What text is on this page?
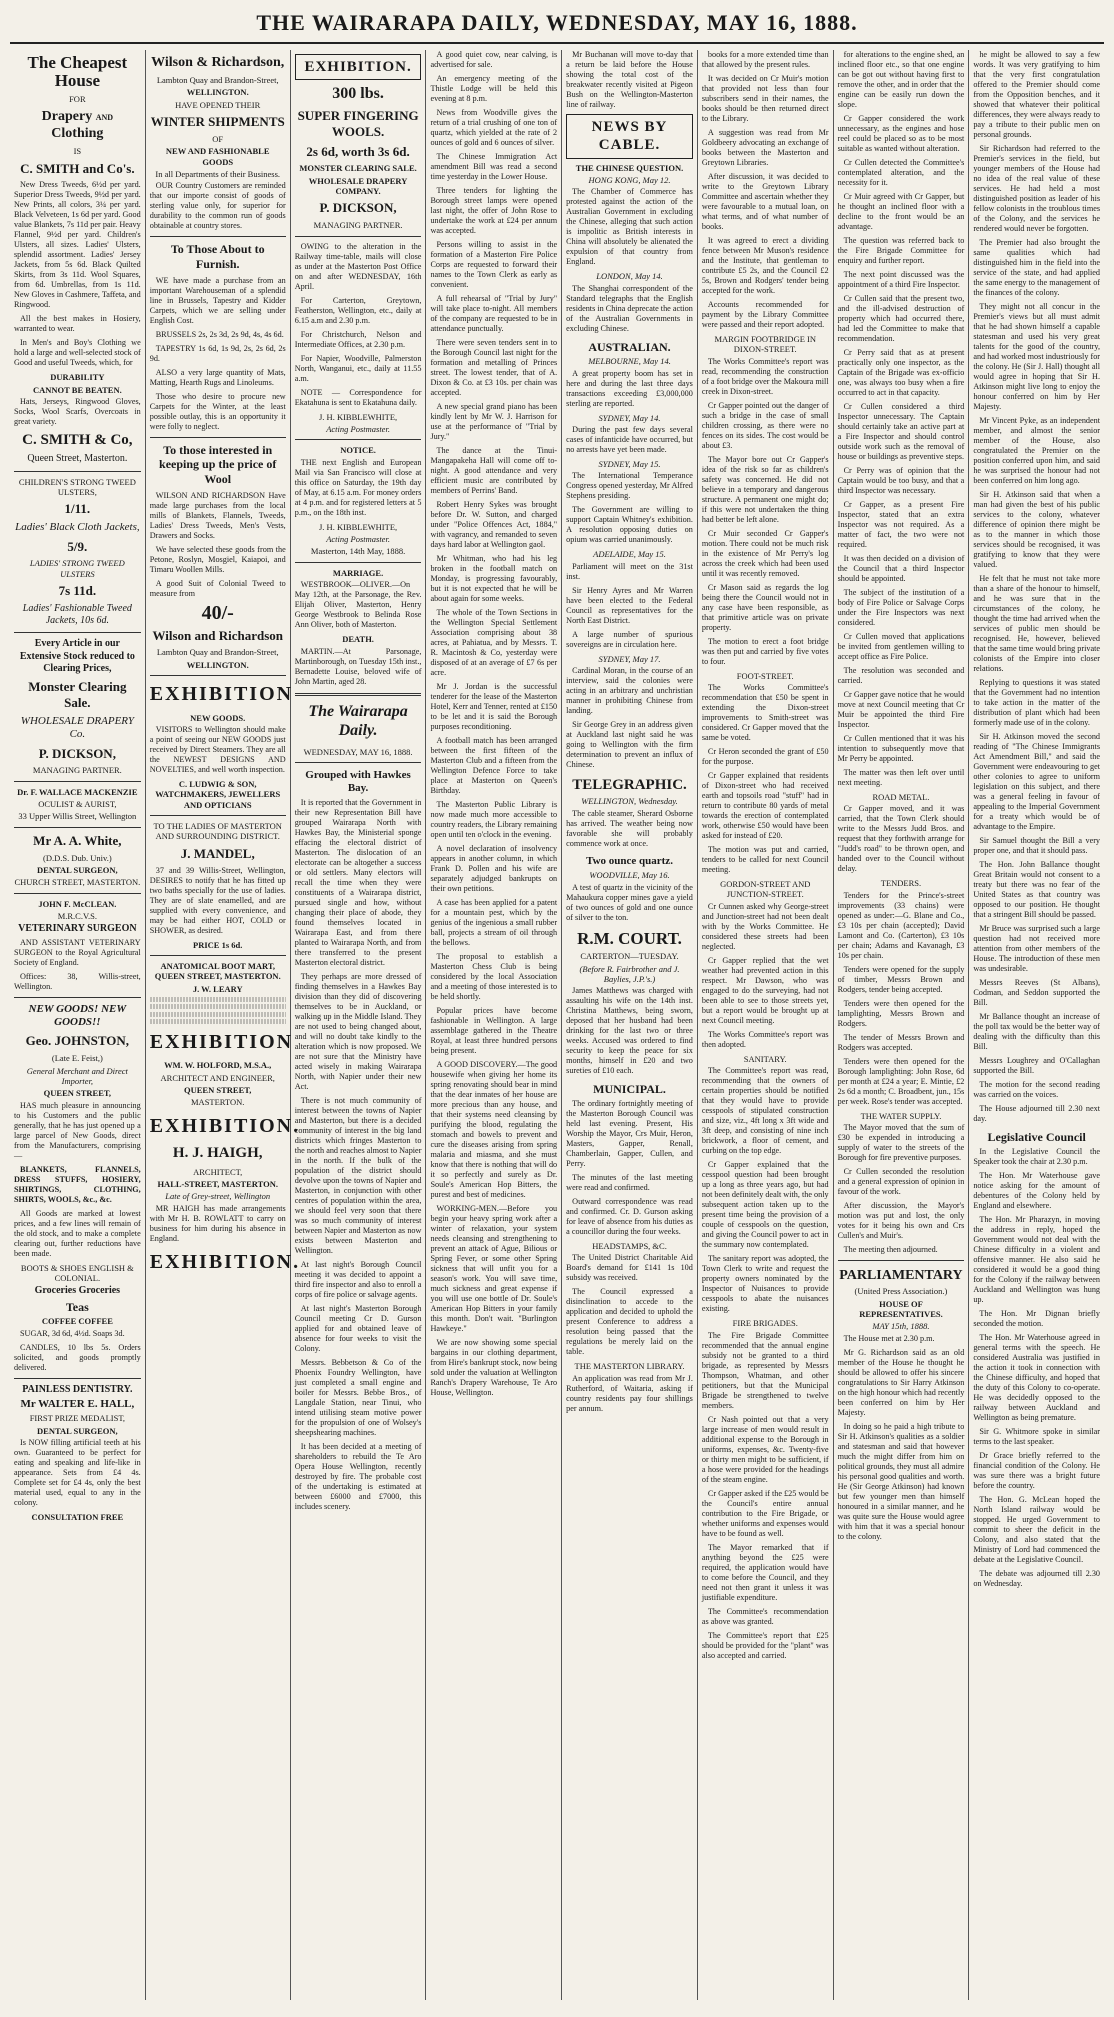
THE WAIRARAPA DAILY, WEDNESDAY, MAY 16, 1888.
The Cheapest House
FOR
Drapery AND Clothing
IS
C. SMITH and Co's.

New Dress Tweeds, 6½d per yard. Superior Dress Tweeds, 9½d per yard. New Prints, all colors, 3¼ per yard. Black Velveteen, 1s 6d per yard. Good value Blankets, 7s 11d per pair. Heavy Flannel, 9½d per yard. Children's Ulsters, all sizes. Ladies' Ulsters, splendid assortment. Ladies' Jersey Jackets, from 5s 6d. Black Quilted Skirts, from 3s 11d. Wool Squares, from 6d. Umbrellas, from 1s 11d. New Gloves in Cashmere, Taffeta, and Ringwood.

All the best makes in Hosiery, warranted to wear.

In Men's and Boy's Clothing we hold a large and well-selected stock of Good and useful Tweeds, which, for

DURABILITY
CANNOT BE BEATEN.

Hats, Jerseys, Ringwood Gloves, Socks, Wool Scarfs, Overcoats in great variety.

C. SMITH & Co,
Queen Street, Masterton.
CHILDREN'S STRONG TWEED ULSTERS,
1/11.
Ladies' Black Cloth Jackets,
5/9.
LADIES' STRONG TWEED ULSTERS
7s 11d.
Ladies' Fashionable Tweed Jackets, 10s 6d.
Every Article in our Extensive Stock reduced to Clearing Prices,
Monster Clearing Sale.
WHOLESALE DRAPERY Co.
P. DICKSON,
MANAGING PARTNER.
Dr. F. WALLACE MACKENZIE
OCULIST & AURIST,
33 Upper Willis Street, Wellington
Mr A. A. White,
(D.D.S. Dub. Univ.)
DENTAL SURGEON,
CHURCH STREET, MASTERTON.
JOHN F. McCLEAN.
M.R.C.V.S.
VETERINARY SURGEON

AND ASSISTANT VETERINARY SURGEON to the Royal Agricultural Society of England.

Offices: 38, Willis-street, Wellington.

NEW GOODS! NEW GOODS!!
Geo. JOHNSTON,
(Late E. Feist,)
General Merchant and Direct Importer,
QUEEN STREET,

HAS much pleasure in announcing to his Customers and the public generally, that he has just opened up a large parcel of New Goods, direct from the Manufacturers, comprising—

BLANKETS, FLANNELS, DRESS STUFFS, HOSIERY, SHIRTINGS, CLOTHING, SHIRTS, WOOLS, &c., &c.

All Goods are marked at lowest prices, and a few lines will remain of the old stock, and to make a complete clearing out, further reductions have been made.

BOOTS & SHOES ENGLISH & COLONIAL.
Groceries Groceries
Teas
COFFEE COFFEE

SUGAR, 3d 6d, 4½d. Soaps 3d.

CANDLES, 10 lbs 5s. Orders solicited, and goods promptly delivered.

PAINLESS DENTISTRY.
Mr WALTER E. HALL,
FIRST PRIZE MEDALIST,
DENTAL SURGEON,

Is NOW filling artificial teeth at his own. Guaranteed to be perfect for eating and speaking and life-like in appearance. Sets from £4 4s. Complete set for £4 4s, only the best material used, equal to any in the colony.

CONSULTATION FREE
Wilson & Richardson,
Lambton Quay and Brandon-Street,
WELLINGTON.
HAVE OPENED THEIR
WINTER SHIPMENTS
OF
NEW AND FASHIONABLE GOODS
In all Departments of their Business.

OUR Country Customers are reminded that our importe consist of goods of sterling value only, for superior for durability to the common run of goods obtainable at country stores.

To Those About to Furnish.

WE have made a purchase from an important Warehouseman of a splendid line in Brussels, Tapestry and Kidder Carpets, which we are selling under English Cost.

BRUSSELS 2s, 2s 3d, 2s 9d, 4s, 4s 6d.

TAPESTRY 1s 6d, 1s 9d, 2s, 2s 6d, 2s 9d.

ALSO a very large quantity of Mats, Matting, Hearth Rugs and Linoleums.

Those who desire to procure new Carpets for the Winter, at the least possible outlay, this is an opportunity it were folly to neglect.

To those interested in keeping up the price of Wool

WILSON AND RICHARDSON Have made large purchases from the local mills of Blankets, Flannels, Tweeds, Ladies' Dress Tweeds, Men's Vests, Drawers and Socks.

We have selected these goods from the Petone, Roslyn, Mosgiel, Kaiapoi, and Timaru Woollen Mills.

A good Suit of Colonial Tweed to measure from

40/-
Wilson and Richardson
Lambton Quay and Brandon-Street,
WELLINGTON.
EXHIBITION
NEW GOODS.

VISITORS to Wellington should make a point of seeing our NEW GOODS just received by Direct Steamers. They are all the NEWEST DESIGNS AND NOVELTIES, and well worth inspection.

C. LUDWIG & SON, WATCHMAKERS, JEWELLERS AND OPTICIANS
TO THE LADIES OF MASTERTON AND SURROUNDING DISTRICT.
J. MANDEL,

37 and 39 Willis-Street, Wellington, DESIRES to notify that he has fitted up two baths specially for the use of ladies. They are of slate enamelled, and are supplied with every convenience, and may be had either HOT, COLD or SHOWER, as desired.

PRICE 1s 6d.
ANATOMICAL BOOT MART, QUEEN STREET, MASTERTON.
J. W. LEARY
EXHIBITION
WM. W. HOLFORD, M.S.A.,
ARCHITECT AND ENGINEER,
QUEEN STREET,
MASTERTON.
EXHIBITION.
H. J. HAIGH,
ARCHITECT,
HALL-STREET, MASTERTON.
Late of Grey-street, Wellington

MR HAIGH has made arrangements with Mr H. B. ROWLATT to carry on business for him during his absence in England.

EXHIBITION.
EXHIBITION.
300 lbs.
SUPER FINGERING WOOLS.
2s 6d, worth 3s 6d.
MONSTER CLEARING SALE.
WHOLESALE DRAPERY COMPANY.
P. DICKSON,
MANAGING PARTNER.

OWING to the alteration in the Railway time-table, mails will close as under at the Masterton Post Office on and after WEDNESDAY, 16th April.

For Carterton, Greytown, Featherston, Wellington, etc., daily at 6.15 a.m and 2.30 p.m.

For Christchurch, Nelson and Intermediate Offices, at 2.30 p.m.

For Napier, Woodville, Palmerston North, Wanganui, etc., daily at 11.55 a.m.

NOTE — Correspondence for Ekatahuna is sent to Ekatahuna daily.

J. H. KIBBLEWHITE,
Acting Postmaster.
NOTICE.

THE next English and European Mail via San Francisco will close at this office on Saturday, the 19th day of May, at 6.15 a.m. For money orders at 4 p.m. and for registered letters at 5 p.m., on the 18th inst.

J. H. KIBBLEWHITE,
Acting Postmaster.
Masterton, 14th May, 1888.
MARRIAGE.

WESTBROOK—OLIVER.—On May 12th, at the Parsonage, the Rev. Elijah Oliver, Masterton, Henry George Westbrook to Belinda Rose Ann Oliver, both of Masterton.

DEATH.

MARTIN.—At Parsonage, Martinborough, on Tuesday 15th inst., Bernadette Louise, beloved wife of John Martin, aged 28.

The Wairarapa Daily.
WEDNESDAY, MAY 16, 1888.
Grouped with Hawkes Bay.

It is reported that the Government in their new Representation Bill have grouped Wairarapa North with Hawkes Bay, the Ministerial sponge effacing the electoral district of Masterton. The dislocation of an electorate can be altogether a success or old settlers. Many electors will recall the time when they were constituents of a Wairarapa district, pursued single and how, without changing their place of abode, they found themselves located in Wairarapa East, and from there planted to Wairarapa North, and from there transferred to the present Masterton electoral district.

They perhaps are more dressed of finding themselves in a Hawkes Bay division than they did of discovering themselves to be in Auckland, or walking up in the Middle Island. They are not used to being changed about, and will no doubt take kindly to the alteration which is now proposed. We are not sure that the Ministry have acted wisely in making Wairarapa North, with Napier under their new Act.

There is not much community of interest between the towns of Napier and Masterton, but there is a decided community of interest in the big land districts which fringes Masterton to the north and reaches almost to Napier in the north. If the bulk of the population of the district should devolve upon the towns of Napier and Masterton, in conjunction with other centres of population within the area, we should feel very soon that there was so much community of interest between Napier and Masterton as now exists between Masterton and Wellington.

At last night's Borough Council meeting it was decided to appoint a third fire inspector and also to enroll a corps of fire police or salvage agents.

At last night's Masterton Borough Council meeting Cr D. Gurson applied for and obtained leave of absence for four weeks to visit the Colony.

Messrs. Bebbetson & Co of the Phoenix Foundry Wellington, have just completed a small engine and boiler for Messrs. Bebbe Bros., of Langdale Station, near Tinui, who intend utilising steam motive power for the propulsion of one of Wolsey's sheepshearing machines.

It has been decided at a meeting of shareholders to rebuild the Te Aro Opera House Wellington, recently destroyed by fire. The probable cost of the undertaking is estimated at between £6000 and £7000, this includes scenery.

A good quiet cow, near calving, is advertised for sale.

An emergency meeting of the Thistle Lodge will be held this evening at 8 p.m.

News from Woodville gives the return of a trial crushing of one ton of quartz, which yielded at the rate of 2 ounces of gold and 6 ounces of silver.

The Chinese Immigration Act amendment Bill was read a second time yesterday in the Lower House.

Three tenders for lighting the Borough street lamps were opened last night, the offer of John Rose to undertake the work at £24 per annum was accepted.

Persons willing to assist in the formation of a Masterton Fire Police Corps are requested to forward their names to the Town Clerk as early as convenient.

A full rehearsal of "Trial by Jury" will take place to-night. All members of the company are requested to be in attendance punctually.

There were seven tenders sent in to the Borough Council last night for the formation and metalling of Princes street. The lowest tender, that of A. Dixon & Co. at £3 10s. per chain was accepted.

A new special grand piano has been kindly lent by Mr W. J. Harrison for use at the performance of "Trial by Jury."

The dance at the Tinui-Mangapakeha Hall will come off to-night. A good attendance and very efficient music are contributed by members of Perrins' Band.

Robert Henry Sykes was brought before Dr. W. Sutton, and charged under "Police Offences Act, 1884," with vagrancy, and remanded to seven days hard labor at Wellington gaol.

Mr Whitman, who had his leg broken in the football match on Monday, is progressing favourably, but it is not expected that he will be about again for some weeks.

The whole of the Town Sections in the Wellington Special Settlement Association comprising about 38 acres, at Pahiatua, and by Messrs. T. R. Macintosh & Co, yesterday were disposed of at an average of £7 6s per acre.

Mr J. Jordan is the successful tenderer for the lease of the Masterton Hotel, Kerr and Tenner, rented at £150 to be let and it is said the Borough purposes reconditioning.

A football match has been arranged between the first fifteen of the Masterton Club and a fifteen from the Wellington Defence Force to take place at Masterton on Queen's Birthday.

The Masterton Public Library is now made much more accessible to country readers, the Library remaining open until ten o'clock in the evening.

A novel declaration of insolvency appears in another column, in which Frank D. Pollen and his wife are separately adjudged bankrupts on their own petitions.

A case has been applied for a patent for a mountain pest, which by the genius of the ingenious a small rubber ball, projects a stream of oil through the bellows.

The proposal to establish a Masterton Chess Club is being considered by the local Association and a meeting of those interested is to be held shortly.

Popular prices have become fashionable in Wellington. A large assemblage gathered in the Theatre Royal, at least three hundred persons being present.

A GOOD DISCOVERY.—The good housewife when giving her home its spring renovating should bear in mind that the dear inmates of her house are more precious than any house, and that their systems need cleansing by purifying the blood, regulating the stomach and bowels to prevent and cure the diseases arising from spring malaria and miasma, and she must know that there is nothing that will do it so perfectly and surely as Dr. Soule's American Hop Bitters, the purest and best of medicines.

WORKING-MEN.—Before you begin your heavy spring work after a winter of relaxation, your system needs cleansing and strengthening to prevent an attack of Ague, Bilious or Spring Fever, or some other Spring sickness that will unfit you for a season's work. You will save time, much sickness and great expense if you will use one bottle of Dr. Soule's American Hop Bitters in your family this month. Don't wait. "Burlington Hawkeye."

We are now showing some special bargains in our clothing department, from Hire's bankrupt stock, now being sold under the valuation at Wellington Ranch's Drapery Warehouse, Te Aro House, Wellington.

Mr Buchanan will move to-day that a return be laid before the House showing the total cost of the breakwater recently visited at Pigeon Bush on the Wellington-Masterton line of railway.

NEWS BY CABLE.
THE CHINESE QUESTION.
HONG KONG, May 12.

The Chamber of Commerce has protested against the action of the Australian Government in excluding the Chinese, alleging that such action is impolitic as British interests in China will absolutely be alienated the expulsion of that country from England.

LONDON, May 14.

The Shanghai correspondent of the Standard telegraphs that the English residents in China deprecate the action of the Australian Governments in excluding Chinese.

AUSTRALIAN.
MELBOURNE, May 14.

A great property boom has set in here and during the last three days transactions exceeding £3,000,000 sterling are reported.

SYDNEY, May 14.

During the past few days several cases of infanticide have occurred, but no arrests have yet been made.

SYDNEY, May 15.

The International Temperance Congress opened yesterday, Mr Alfred Stephens presiding.

The Government are willing to support Captain Whitney's exhibition. A resolution opposing duties on opium was carried unanimously.

ADELAIDE, May 15.

Parliament will meet on the 31st inst.

Sir Henry Ayres and Mr Warren have been elected to the Federal Council as representatives for the North East District.

A large number of spurious sovereigns are in circulation here.

SYDNEY, May 17.

Cardinal Moran, in the course of an interview, said the colonies were acting in an arbitrary and unchristian manner in prohibiting Chinese from landing.

Sir George Grey in an address given at Auckland last night said he was going to Wellington with the firm determination to prevent an influx of Chinese.

TELEGRAPHIC.
WELLINGTON, Wednesday.

The cable steamer, Sherard Osborne has arrived. The weather being now favorable she will probably commence work at once.

Two ounce quartz.
WOODVILLE, May 16.

A test of quartz in the vicinity of the Mahaukura copper mines gave a yield of two ounces of gold and one ounce of silver to the ton.

R.M. COURT.
CARTERTON—TUESDAY.
(Before R. Fairbrother and J. Baylies, J.P.'s.)

James Matthews was charged with assaulting his wife on the 14th inst. Christina Matthews, being sworn, deposed that her husband had been drinking for the last two or three weeks. Accused was ordered to find security to keep the peace for six months, himself in £20 and two sureties of £10 each.

MUNICIPAL.

The ordinary fortnightly meeting of the Masterton Borough Council was held last evening. Present, His Worship the Mayor, Crs Muir, Heron, Masters, Gapper, Renall, Chamberlain, Gapper, Cullen, and Perry.

The minutes of the last meeting were read and confirmed.

Outward correspondence was read and confirmed. Cr. D. Gurson asking for leave of absence from his duties as a councillor during the four weeks.

HEADSTAMPS, &C.

The United District Charitable Aid Board's demand for £141 1s 10d subsidy was received.

The Council expressed a disinclination to accede to the application and decided to uphold the present Conference to address a resolution being passed that the regulations be merely laid on the table.

THE MASTERTON LIBRARY.

An application was read from Mr J. Rutherford, of Waitaria, asking if country residents pay four shillings per annum.

books for a more extended time than that allowed by the present rules.

It was decided on Cr Muir's motion that provided not less than four subscribers send in their names, the books should be then returned direct to the Library.

A suggestion was read from Mr Goldbeery advocating an exchange of books between the Masterton and Greytown Libraries.

After discussion, it was decided to write to the Greytown Library Committee and ascertain whether they were favourable to a mutual loan, on what terms, and of what number of books.

It was agreed to erect a dividing fence between Mr Muson's residence and the Institute, that gentleman to contribute £5 2s, and the Council £2 5s, Brown and Rodgers' tender being accepted for the work.

Accounts recommended for payment by the Library Committee were passed and their report adopted.

MARGIN FOOTBRIDGE IN DIXON-STREET.

The Works Committee's report was read, recommending the construction of a foot bridge over the Makoura mill creek in Dixon-street.

Cr Gapper pointed out the danger of such a bridge in the case of small children crossing, as there were no fences on its sides. The cost would be about £3.

The Mayor bore out Cr Gapper's idea of the risk so far as children's safety was concerned. He did not believe in a temporary and dangerous structure. A permanent one might do; if this were not undertaken the thing had better be left alone.

Cr Muir seconded Cr Gapper's motion. There could not be much risk in the existence of Mr Perry's log across the creek which had been used until it was recently removed.

Cr Mason said as regards the log being there the Council would not in any case have been responsible, as that primitive article was on private property.

The motion to erect a foot bridge was then put and carried by five votes to four.

FOOT-STREET.

The Works Committee's recommendation that £50 be spent in extending the Dixon-street improvements to Smith-street was considered. Cr Gapper moved that the same be voted.

Cr Heron seconded the grant of £50 for the purpose.

Cr Gapper explained that residents of Dixon-street who had received earth and topsoils road "stuff" had in return to contribute 80 yards of metal towards the erection of contemplated work, otherwise £50 would have been asked for instead of £20.

The motion was put and carried, tenders to be called for next Council meeting.

GORDON-STREET AND JUNCTION-STREET.

Cr Cunnen asked why George-street and Junction-street had not been dealt with by the Works Committee. He considered these streets had been neglected.

Cr Gapper replied that the wet weather had prevented action in this respect. Mr Dawson, who was engaged to do the surveying, had not been able to see to those streets yet, but a report would be brought up at next Council meeting.

The Works Committee's report was then adopted.

SANITARY.

The Committee's report was read, recommending that the owners of certain properties should be notified that they would have to provide cesspools of stipulated construction and size, viz., 4ft long x 3ft wide and 3ft deep, and consisting of nine inch brickwork, a floor of cement, and curbing on the top edge.

Cr Gapper explained that the cesspool question had been brought up a long as three years ago, but had not been definitely dealt with, the only subsequent action taken up to the present time being the provision of a couple of cesspools on the question, and giving the Council power to act in the summary now contemplated.

The sanitary report was adopted, the Town Clerk to write and request the property owners nominated by the Inspector of Nuisances to provide cesspools to abate the nuisances existing.

FIRE BRIGADES.

The Fire Brigade Committee recommended that the annual engine subsidy not be granted to a third brigade, as represented by Messrs Thompson, Whatman, and other petitioners, but that the Municipal Brigade be strengthened to twelve members.

Cr Nash pointed out that a very large increase of men would result in additional expense to the Borough in uniforms, expenses, &c. Twenty-five or thirty men might to be sufficient, if a hose were provided for the headings of the steam engine.

Cr Gapper asked if the £25 would be the Council's entire annual contribution to the Fire Brigade, or whether uniforms and expenses would have to be found as well.

The Mayor remarked that if anything beyond the £25 were required, the application would have to come before the Council, and they need not then grant it unless it was justifiable expenditure.

The Committee's recommendation as above was granted.

The Committee's report that £25 should be provided for the "plant" was also accepted and carried.

for alterations to the engine shed, an inclined floor etc., so that one engine can be got out without having first to remove the other, and in order that the engine can be easily run down the slope.

Cr Gapper considered the work unnecessary, as the engines and hose reel could be placed so as to be most suitable as wanted without alteration.

Cr Cullen detected the Committee's contemplated alteration, and the necessity for it.

Cr Muir agreed with Cr Gapper, but he thought an inclined floor with a decline to the front would be an advantage.

The question was referred back to the Fire Brigade Committee for enquiry and further report.

The next point discussed was the appointment of a third Fire Inspector.

Cr Cullen said that the present two, and the ill-advised destruction of property which had occurred there, had led the Committee to make that recommendation.

Cr Perry said that as at present practically only one inspector, as the Captain of the Brigade was ex-officio one, was always too busy when a fire occurred to act in that capacity.

Cr Cullen considered a third Inspector unnecessary. The Captain should certainly take an active part at a Fire Inspector and should control outside work such as the removal of house or buildings as preventive steps.

Cr Perry was of opinion that the Captain would be too busy, and that a third Inspector was necessary.

Cr Gapper, as a present Fire Inspector, stated that an extra Inspector was not required. As a matter of fact, the two were not required.

It was then decided on a division of the Council that a third Inspector should be appointed.

The subject of the institution of a body of Fire Police or Salvage Corps under the Fire Inspectors was next considered.

Cr Cullen moved that applications be invited from gentlemen willing to accept office as Fire Police.

The resolution was seconded and carried.

Cr Gapper gave notice that he would move at next Council meeting that Cr Muir be appointed the third Fire Inspector.

Cr Cullen mentioned that it was his intention to subsequently move that Mr Perry be appointed.

The matter was then left over until next meeting.

ROAD METAL.

Cr Gapper moved, and it was carried, that the Town Clerk should write to the Messrs Judd Bros. and request that they forthwith arrange for "Judd's road" to be thrown open, and handed over to the Council without delay.

TENDERS.

Tenders for the Prince's-street improvements (33 chains) were opened as under:—G. Blane and Co., £3 10s per chain (accepted); David Lamont and Co. (Carterton), £3 10s per chain; Adams and Kavanagh, £3 10s per chain.

Tenders were opened for the supply of timber, Messrs Brown and Rodgers, tender being accepted.

Tenders were then opened for the lamplighting, Messrs Brown and Rodgers.

The tender of Messrs Brown and Rodgers was accepted.

Tenders were then opened for the Borough lamplighting: John Rose, 6d per month at £24 a year; E. Mintie, £2 2s 6d a month; C. Broadbent, jun., 15s per week. Rose's tender was accepted.

THE WATER SUPPLY.

The Mayor moved that the sum of £30 be expended in introducing a supply of water to the streets of the Borough for fire preventive purposes.

Cr Cullen seconded the resolution and a general expression of opinion in favour of the work.

After discussion, the Mayor's motion was put and lost, the only votes for it being his own and Crs Cullen's and Muir's.

The meeting then adjourned.

PARLIAMENTARY
(United Press Association.)
HOUSE OF REPRESENTATIVES.
MAY 15th, 1888.

The House met at 2.30 p.m.

Mr G. Richardson said as an old member of the House he thought he should be allowed to offer his sincere congratulations to Sir Harry Atkinson on the high honour which had recently been conferred on him by Her Majesty.

In doing so he paid a high tribute to Sir H. Atkinson's qualities as a soldier and statesman and said that however much the might differ from him on political grounds, they must all admire his personal good qualities and worth. He (Sir George Atkinson) had known but few younger men than himself honoured in a similar manner, and he was quite sure the House would agree with him that it was a special honour to the colony.

he might be allowed to say a few words. It was very gratifying to him that the very first congratulation offered to the Premier should come from the Opposition benches, and it showed that whatever their political differences, they were always ready to pay a tribute to their public men on personal grounds.

Sir Richardson had referred to the Premier's services in the field, but younger members of the House had no idea of the real value of these services. He had held a most distinguished position as leader of his fellow colonists in the troublous times of the Colony, and the services he rendered would never be forgotten.

The Premier had also brought the same qualities which had distinguished him in the field into the service of the state, and had applied the same energy to the management of the finances of the colony.

They might not all concur in the Premier's views but all must admit that he had shown himself a capable statesman and used his very great talents for the good of the country, and had worked most industriously for the colony. He (Sir J. Hall) thought all would agree in hoping that Sir H. Atkinson might live long to enjoy the honour conferred on him by Her Majesty.

Mr Vincent Pyke, as an independent member, and almost the senior member of the House, also congratulated the Premier on the position conferred upon him, and said he was surprised the honour had not been conferred on him long ago.

Sir H. Atkinson said that when a man had given the best of his public services to the colony, whatever difference of opinion there might be as to the manner in which those services should be recognised, it was gratifying to know that they were valued.

He felt that he must not take more than a share of the honour to himself, and he was sure that in the circumstances of the colony, he thought the time had arrived when the services of public men should be recognised. He, however, believed that the same time would bring private colonists of the Empire into closer relations.

Replying to questions it was stated that the Government had no intention to take action in the matter of the distribution of plant which had been formerly made use of in the colony.

Sir H. Atkinson moved the second reading of "The Chinese Immigrants Act Amendment Bill," and said the Government were endeavouring to get other colonies to agree to uniform legislation on this subject, and there was a general feeling in favour of appealing to the Imperial Government for a treaty which would be of advantage to the Empire.

Sir Samuel thought the Bill a very proper one, and that it should pass.

The Hon. John Ballance thought Great Britain would not consent to a treaty but there was no fear of the United States as that country was opposed to our position. He thought that a stringent Bill should be passed.

Mr Bruce was surprised such a large question had not received more attention from other members of the House. The introduction of these men was undesirable.

Messrs Reeves (St Albans), Codman, and Seddon supported the Bill.

Mr Ballance thought an increase of the poll tax would be the better way of dealing with the difficulty than this Bill.

Messrs Loughrey and O'Callaghan supported the Bill.

The motion for the second reading was carried on the voices.

The House adjourned till 2.30 next day.

Legislative Council

In the Legislative Council the Speaker took the chair at 2.30 p.m.

The Hon. Mr Waterhouse gave notice asking for the amount of debentures of the Colony held by England and elsewhere.

The Hon. Mr Pharazyn, in moving the address in reply, hoped the Government would not deal with the Chinese difficulty in a violent and offensive manner. He also said he considered it would be a good thing for the Colony if the railway between Auckland and Wellington was hung up.

The Hon. Mr Dignan briefly seconded the motion.

The Hon. Mr Waterhouse agreed in general terms with the speech. He considered Australia was justified in the action it took in connection with the Chinese difficulty, and hoped that the duty of this Colony to co-operate. He was decidedly opposed to the railway between Auckland and Wellington as being premature.

Sir G. Whitmore spoke in similar terms to the last speaker.

Dr Grace briefly referred to the financial condition of the Colony. He was sure there was a bright future before the country.

The Hon. G. McLean hoped the North Island railway would be stopped. He urged Government to commit to sheer the deficit in the Colony, and also stated that the Ministry of Lord had commenced the debate at the Legislative Council.

The debate was adjourned till 2.30 on Wednesday.
